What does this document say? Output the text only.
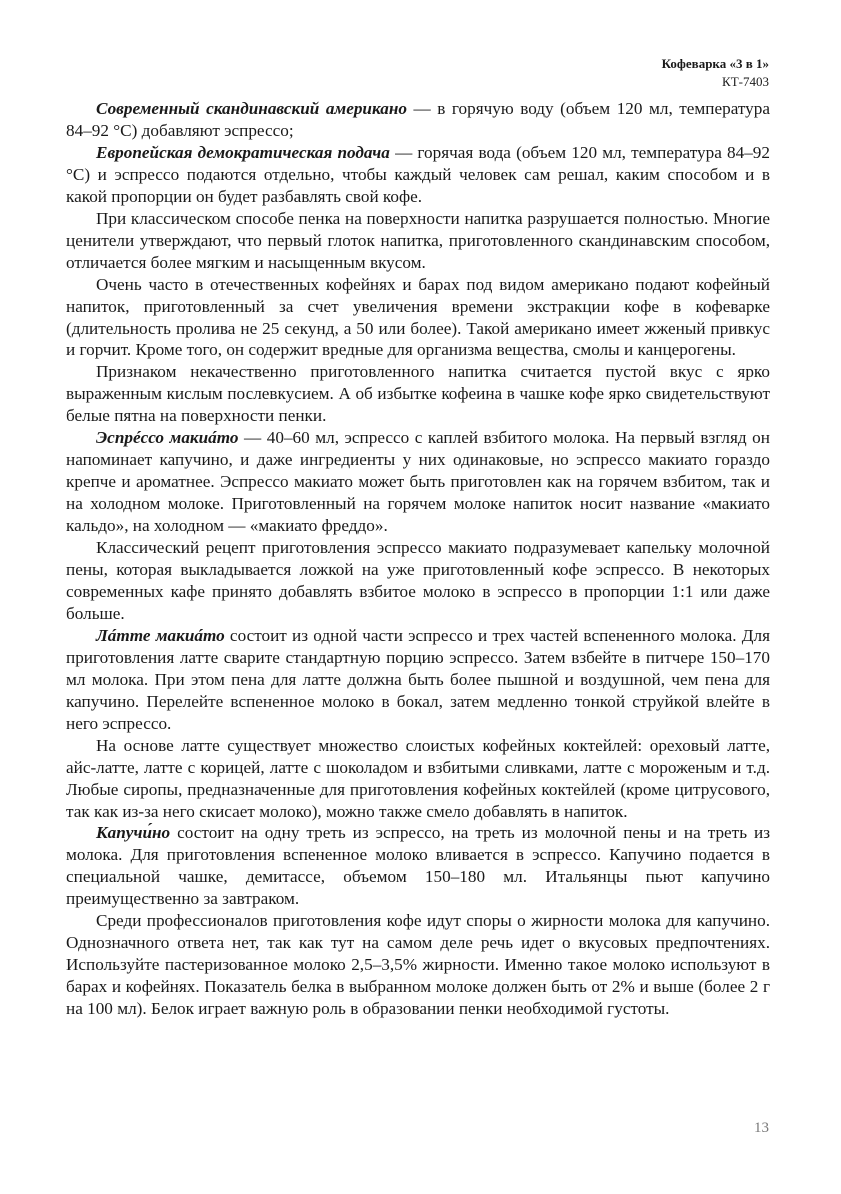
Кофеварка «3 в 1»
КТ-7403

Современный скандинавский американо — в горячую воду (объем 120 мл, температура 84–92 °С) добавляют эспрессо;

Европейская демократическая подача — горячая вода (объем 120 мл, температура 84–92 °С) и эспрессо подаются отдельно, чтобы каждый человек сам решал, каким способом и в какой пропорции он будет разбавлять свой кофе.

При классическом способе пенка на поверхности напитка разрушается полностью. Многие ценители утверждают, что первый глоток напитка, приготовленного скандинавским способом, отличается более мягким и насыщенным вкусом.

Очень часто в отечественных кофейнях и барах под видом американо подают кофейный напиток, приготовленный за счет увеличения времени экстракции кофе в кофеварке (длительность пролива не 25 секунд, а 50 или более). Такой американо имеет жженый привкус и горчит. Кроме того, он содержит вредные для организма вещества, смолы и канцерогены.

Признаком некачественно приготовленного напитка считается пустой вкус с ярко выраженным кислым послевкусием. А об избытке кофеина в чашке кофе ярко свидетельствуют белые пятна на поверхности пенки.

Эспрéссо макиáто — 40–60 мл, эспрессо с каплей взбитого молока. На первый взгляд он напоминает капучино, и даже ингредиенты у них одинаковые, но эспрессо макиато гораздо крепче и ароматнее. Эспрессо макиато может быть приготовлен как на горячем взбитом, так и на холодном молоке. Приготовленный на горячем молоке напиток носит название «макиато кальдо», на холодном — «макиато фреддо».

Классический рецепт приготовления эспрессо макиато подразумевает капельку молочной пены, которая выкладывается ложкой на уже приготовленный кофе эспрессо. В некоторых современных кафе принято добавлять взбитое молоко в эспрессо в пропорции 1:1 или даже больше.

Лáтте макиáто состоит из одной части эспрессо и трех частей вспененного молока. Для приготовления латте сварите стандартную порцию эспрессо. Затем взбейте в питчере 150–170 мл молока. При этом пена для латте должна быть более пышной и воздушной, чем пена для капучино. Перелейте вспененное молоко в бокал, затем медленно тонкой струйкой влейте в него эспрессо.

На основе латте существует множество слоистых кофейных коктейлей: ореховый латте, айс-латте, латте с корицей, латте с шоколадом и взбитыми сливками, латте с мороженым и т.д. Любые сиропы, предназначенные для приготовления кофейных коктейлей (кроме цитрусового, так как из-за него скисает молоко), можно также смело добавлять в напиток.

Капучи́но состоит на одну треть из эспрессо, на треть из молочной пены и на треть из молока. Для приготовления вспененное молоко вливается в эспрессо. Капучино подается в специальной чашке, демитассе, объемом 150–180 мл. Итальянцы пьют капучино преимущественно за завтраком.

Среди профессионалов приготовления кофе идут споры о жирности молока для капучино. Однозначного ответа нет, так как тут на самом деле речь идет о вкусовых предпочтениях. Используйте пастеризованное молоко 2,5–3,5% жирности. Именно такое молоко используют в барах и кофейнях. Показатель белка в выбранном молоке должен быть от 2% и выше (более 2 г на 100 мл). Белок играет важную роль в образовании пенки необходимой густоты.

13
